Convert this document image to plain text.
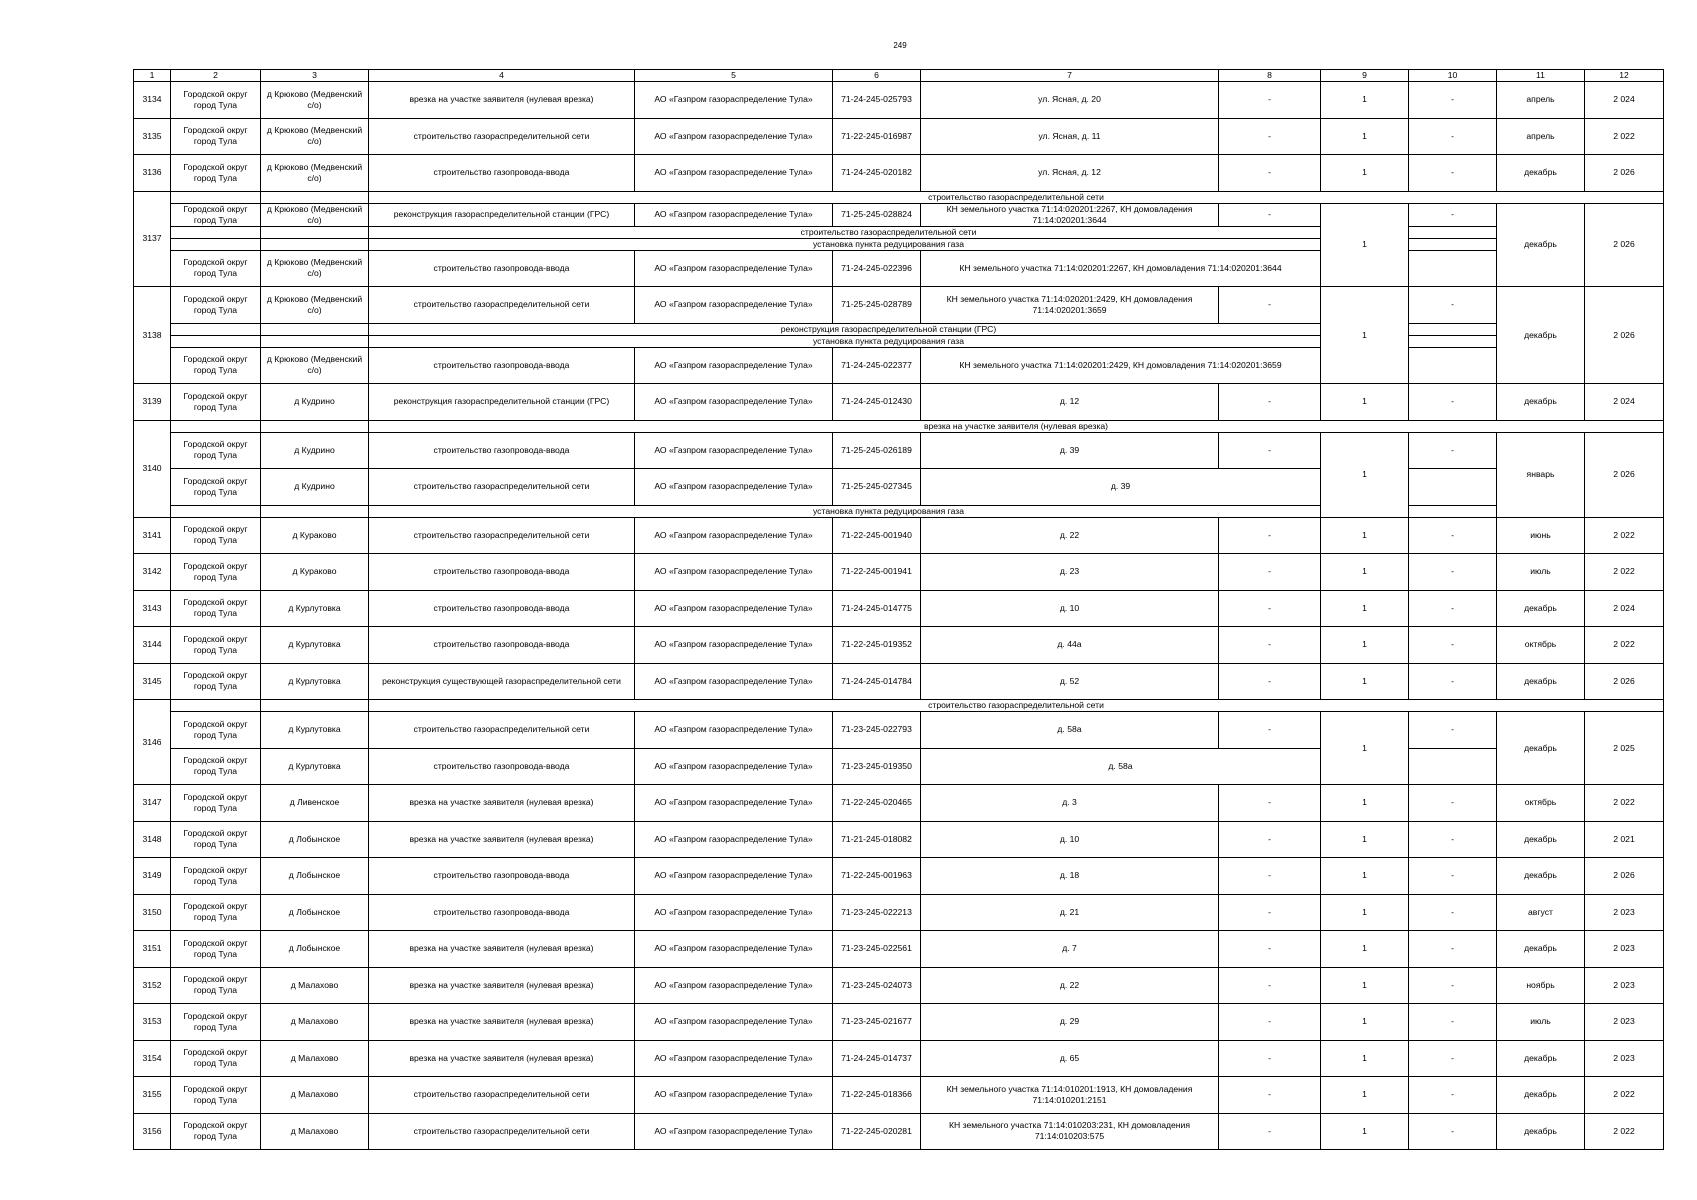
249
1	2	3	4	5	6	7	8	9	10	11	12
3134	Городской округ город Тула	д Крюково (Медвенский с/о)	врезка на участке заявителя (нулевая врезка)	АО «Газпром газораспределение Тула»	71-24-245-025793	ул. Ясная, д. 20	-	1	-	апрель	2 024
3135	Городской округ город Тула	д Крюково (Медвенский с/о)	строительство газораспределительной сети	АО «Газпром газораспределение Тула»	71-22-245-016987	ул. Ясная, д. 11	-	1	-	апрель	2 022
3136	Городской округ город Тула	д Крюково (Медвенский с/о)	строительство газопровода-ввода	АО «Газпром газораспределение Тула»	71-24-245-020182	ул. Ясная, д. 12	-	1	-	декабрь	2 026
3137			строительство газораспределительной сети								
	Городской округ город Тула	д Крюково (Медвенский с/о)	реконструкция газораспределительной станции (ГРС)	АО «Газпром газораспределение Тула»	71-25-245-028824	КН земельного участка 71:14:020201:2267, КН домовладения 71:14:020201:3644	-	1	-	декабрь	2 026
			строительство газораспределительной сети								
			установка пункта редуцирования газа								
	Городской округ город Тула	д Крюково (Медвенский с/о)	строительство газопровода-ввода	АО «Газпром газораспределение Тула»	71-24-245-022396	КН земельного участка 71:14:020201:2267, КН домовладения 71:14:020201:3644					
3138	Городской округ город Тула	д Крюково (Медвенский с/о)	строительство газораспределительной сети	АО «Газпром газораспределение Тула»	71-25-245-028789	КН земельного участка 71:14:020201:2429, КН домовладения 71:14:020201:3659	-	1	-	декабрь	2 026
			реконструкция газораспределительной станции (ГРС)								
			установка пункта редуцирования газа								
	Городской округ город Тула	д Крюково (Медвенский с/о)	строительство газопровода-ввода	АО «Газпром газораспределение Тула»	71-24-245-022377	КН земельного участка 71:14:020201:2429, КН домовладения 71:14:020201:3659					
3139	Городской округ город Тула	д Кудрино	реконструкция газораспределительной станции (ГРС)	АО «Газпром газораспределение Тула»	71-24-245-012430	д. 12	-	1	-	декабрь	2 024
3140			врезка на участке заявителя (нулевая врезка)								
	Городской округ город Тула	д Кудрино	строительство газопровода-ввода	АО «Газпром газораспределение Тула»	71-25-245-026189	д. 39	-	1	-	январь	2 026
	Городской округ город Тула	д Кудрино	строительство газораспределительной сети	АО «Газпром газораспределение Тула»	71-25-245-027345	д. 39					
			установка пункта редуцирования газа								
3141	Городской округ город Тула	д Кураково	строительство газораспределительной сети	АО «Газпром газораспределение Тула»	71-22-245-001940	д. 22	-	1	-	июнь	2 022
3142	Городской округ город Тула	д Кураково	строительство газопровода-ввода	АО «Газпром газораспределение Тула»	71-22-245-001941	д. 23	-	1	-	июль	2 022
3143	Городской округ город Тула	д Курлутовка	строительство газопровода-ввода	АО «Газпром газораспределение Тула»	71-24-245-014775	д. 10	-	1	-	декабрь	2 024
3144	Городской округ город Тула	д Курлутовка	строительство газопровода-ввода	АО «Газпром газораспределение Тула»	71-22-245-019352	д. 44а	-	1	-	октябрь	2 022
3145	Городской округ город Тула	д Курлутовка	реконструкция существующей газораспределительной сети	АО «Газпром газораспределение Тула»	71-24-245-014784	д. 52	-	1	-	декабрь	2 026
3146			строительство газораспределительной сети								
	Городской округ город Тула	д Курлутовка	строительство газораспределительной сети	АО «Газпром газораспределение Тула»	71-23-245-022793	д. 58а	-	1	-	декабрь	2 025
	Городской округ город Тула	д Курлутовка	строительство газопровода-ввода	АО «Газпром газораспределение Тула»	71-23-245-019350	д. 58а					
3147	Городской округ город Тула	д Ливенское	врезка на участке заявителя (нулевая врезка)	АО «Газпром газораспределение Тула»	71-22-245-020465	д. 3	-	1	-	октябрь	2 022
3148	Городской округ город Тула	д Лобынское	врезка на участке заявителя (нулевая врезка)	АО «Газпром газораспределение Тула»	71-21-245-018082	д. 10	-	1	-	декабрь	2 021
3149	Городской округ город Тула	д Лобынское	строительство газопровода-ввода	АО «Газпром газораспределение Тула»	71-22-245-001963	д. 18	-	1	-	декабрь	2 026
3150	Городской округ город Тула	д Лобынское	строительство газопровода-ввода	АО «Газпром газораспределение Тула»	71-23-245-022213	д. 21	-	1	-	август	2 023
3151	Городской округ город Тула	д Лобынское	врезка на участке заявителя (нулевая врезка)	АО «Газпром газораспределение Тула»	71-23-245-022561	д. 7	-	1	-	декабрь	2 023
3152	Городской округ город Тула	д Малахово	врезка на участке заявителя (нулевая врезка)	АО «Газпром газораспределение Тула»	71-23-245-024073	д. 22	-	1	-	ноябрь	2 023
3153	Городской округ город Тула	д Малахово	врезка на участке заявителя (нулевая врезка)	АО «Газпром газораспределение Тула»	71-23-245-021677	д. 29	-	1	-	июль	2 023
3154	Городской округ город Тула	д Малахово	врезка на участке заявителя (нулевая врезка)	АО «Газпром газораспределение Тула»	71-24-245-014737	д. 65	-	1	-	декабрь	2 023
3155	Городской округ город Тула	д Малахово	строительство газораспределительной сети	АО «Газпром газораспределение Тула»	71-22-245-018366	КН земельного участка 71:14:010201:1913, КН домовладения 71:14:010201:2151	-	1	-	декабрь	2 022
3156	Городской округ город Тула	д Малахово	строительство газораспределительной сети	АО «Газпром газораспределение Тула»	71-22-245-020281	КН земельного участка 71:14:010203:231, КН домовладения 71:14:010203:575	-	1	-	декабрь	2 022
